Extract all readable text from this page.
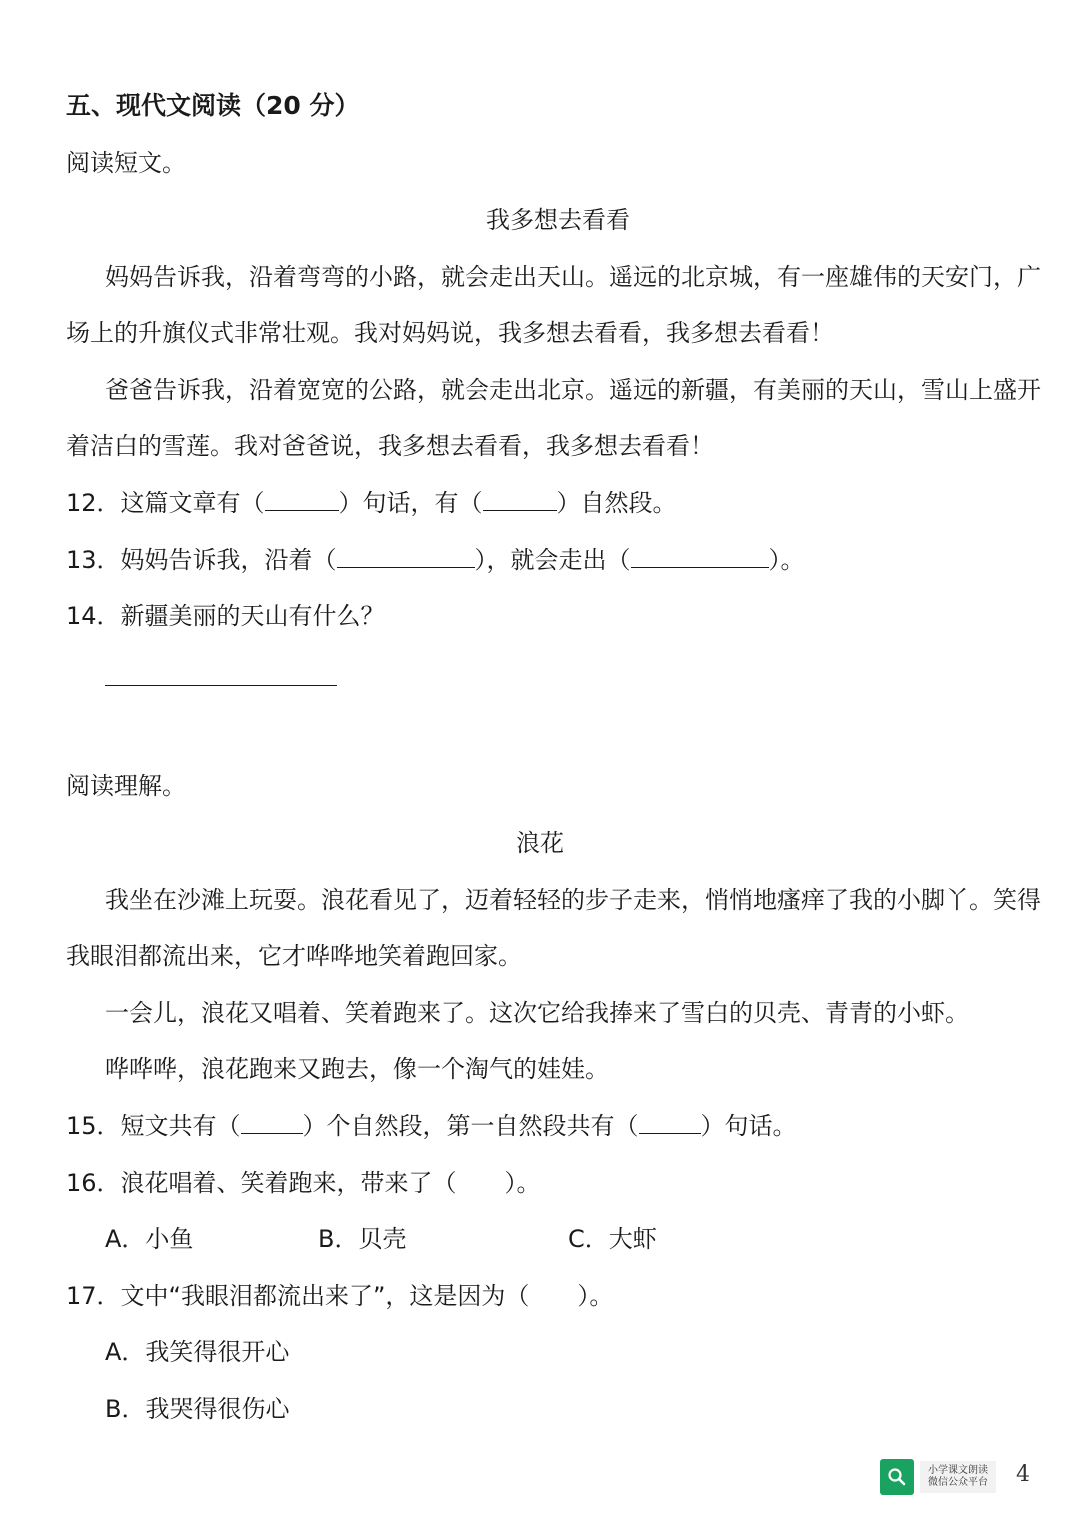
五、现代文阅读（20 分）
阅读短文。
我多想去看看
妈妈告诉我，沿着弯弯的小路，就会走出天山。遥远的北京城，有一座雄伟的天安门，广
场上的升旗仪式非常壮观。我对妈妈说，我多想去看看，我多想去看看！
爸爸告诉我，沿着宽宽的公路，就会走出北京。遥远的新疆，有美丽的天山，雪山上盛开
着洁白的雪莲。我对爸爸说，我多想去看看，我多想去看看！
12．这篇文章有（	）句话，有（	）自然段。
13．妈妈告诉我，沿着（	），就会走出（	）。
14．新疆美丽的天山有什么？
阅读理解。
浪花
我坐在沙滩上玩耍。浪花看见了，迈着轻轻的步子走来，悄悄地瘙痒了我的小脚丫。笑得
我眼泪都流出来，它才哗哗地笑着跑回家。
一会儿，浪花又唱着、笑着跑来了。这次它给我捧来了雪白的贝壳、青青的小虾。
哗哗哗，浪花跑来又跑去，像一个淘气的娃娃。
15．短文共有（	）个自然段，第一自然段共有（	）句话。
16．浪花唱着、笑着跑来，带来了（　　）。
A．小鱼	B．贝壳	C．大虾
17．文中“我眼泪都流出来了”，这是因为（　　）。
A．我笑得很开心
B．我哭得很伤心
小学课文朗读
微信公众平台 4
